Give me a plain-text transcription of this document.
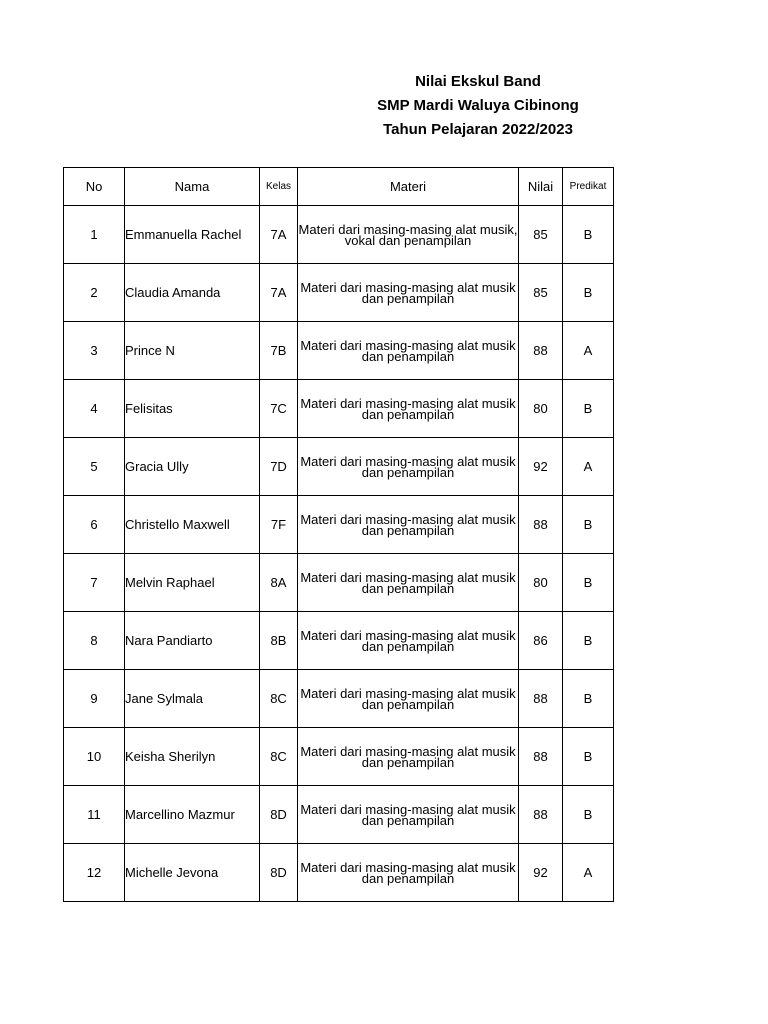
Nilai Ekskul Band
SMP Mardi Waluya Cibinong
Tahun Pelajaran 2022/2023
No	Nama	Kelas	Materi	Nilai	Predikat
1	Emmanuella Rachel	7A	Materi dari masing-masing alat musik, vokal dan penampilan	85	B
2	Claudia Amanda	7A	Materi dari masing-masing alat musik dan penampilan	85	B
3	Prince N	7B	Materi dari masing-masing alat musik dan penampilan	88	A
4	Felisitas	7C	Materi dari masing-masing alat musik dan penampilan	80	B
5	Gracia Ully	7D	Materi dari masing-masing alat musik dan penampilan	92	A
6	Christello Maxwell	7F	Materi dari masing-masing alat musik dan penampilan	88	B
7	Melvin Raphael	8A	Materi dari masing-masing alat musik dan penampilan	80	B
8	Nara Pandiarto	8B	Materi dari masing-masing alat musik dan penampilan	86	B
9	Jane Sylmala	8C	Materi dari masing-masing alat musik dan penampilan	88	B
10	Keisha Sherilyn	8C	Materi dari masing-masing alat musik dan penampilan	88	B
11	Marcellino Mazmur	8D	Materi dari masing-masing alat musik dan penampilan	88	B
12	Michelle Jevona	8D	Materi dari masing-masing alat musik dan penampilan	92	A
